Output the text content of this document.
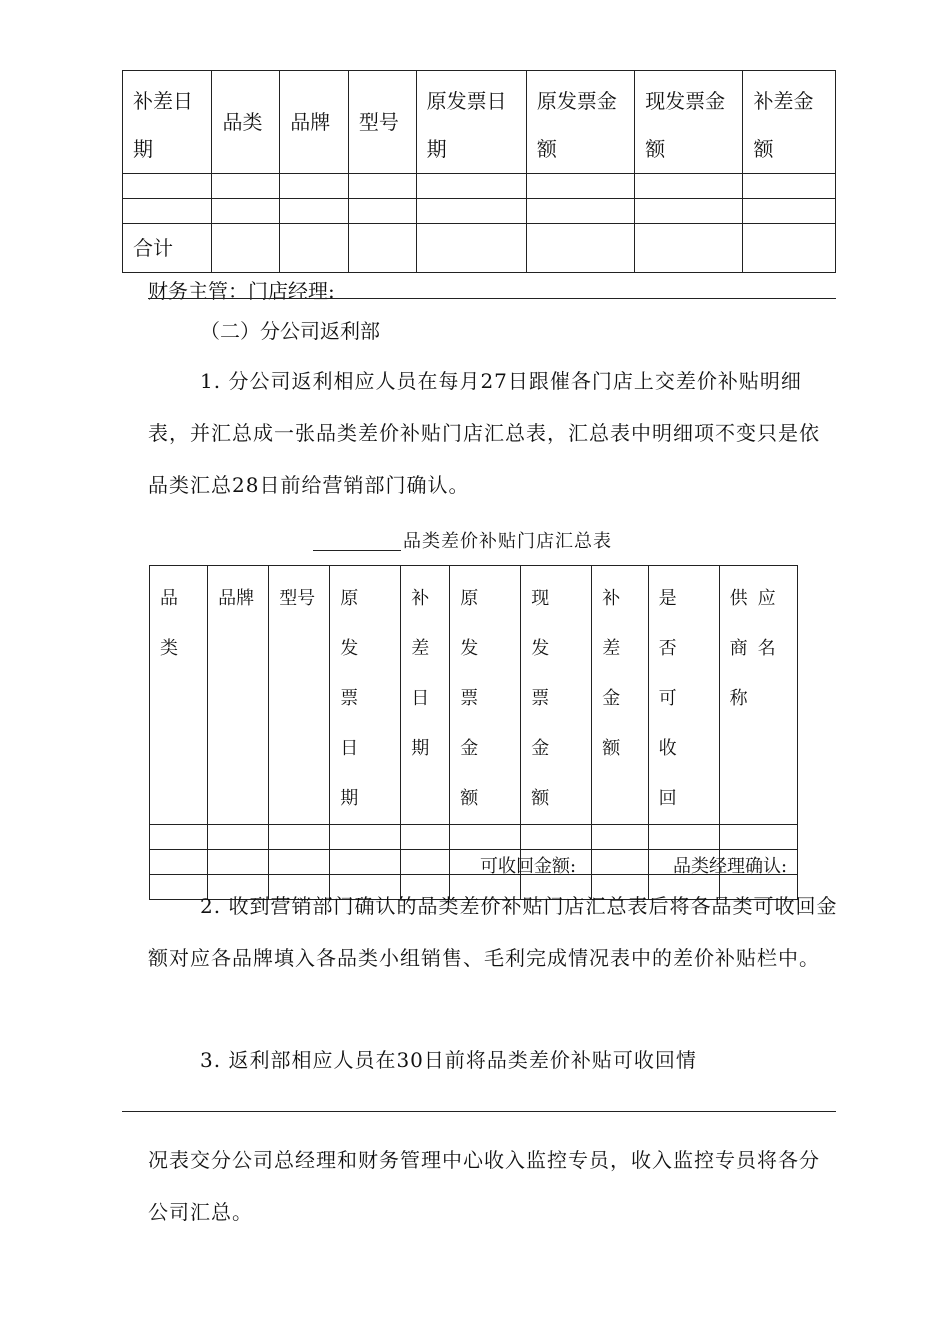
补差日期	品类	品牌	型号	原发票日期	原发票金额	现发票金额	补差金额

合计							
财务主管：门店经理:
（二）分公司返利部
1. 分公司返利相应人员在每月27日跟催各门店上交差价补贴明细表，并汇总成一张品类差价补贴门店汇总表，汇总表中明细项不变只是依品类汇总28日前给营销部门确认。
品类差价补贴门店汇总表
品类	品牌	型号	原发票日期	补差日期	原发票金额	现发票金额	补差金额	是否可收回	供应商名称

可收回金额:	品类经理确认:
2. 收到营销部门确认的品类差价补贴门店汇总表后将各品类可收回金额对应各品牌填入各品类小组销售、毛利完成情况表中的差价补贴栏中。
3. 返利部相应人员在30日前将品类差价补贴可收回情
况表交分公司总经理和财务管理中心收入监控专员，收入监控专员将各分公司汇总。
